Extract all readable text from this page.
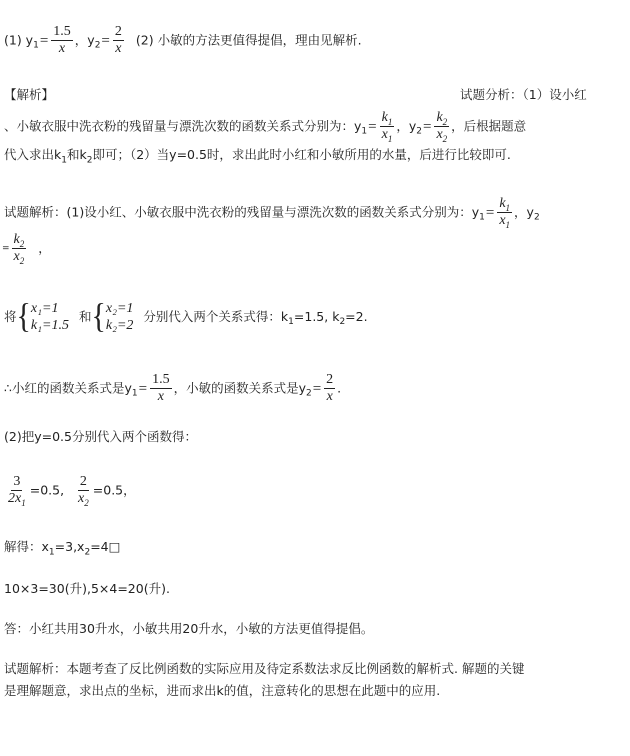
(1) $y_1= \frac{1.5}{x}$ ，$y_2= \frac{2}{x} (2)$ 小敏的方法更值得提倡，理由见解析.
【解析】	试题分析：（1）设小红
、小敏衣服中洗衣粉的残留量与漂洗次数的函数关系式分别为：$y_1= \frac{k_1}{x_1}$ ，$y_2= \frac{k_2}{x_2}$ ，后根据题意
代入求出$k_1$和$k_2$即可；（2）当y=0.5时，求出此时小红和小敏所用的水量，后进行比较即可.
试题解析：(1)设小红、小敏衣服中洗衣粉的残留量与漂洗次数的函数关系式分别为：$y_1= \frac{k_1}{x_1}$ ，$y_2$
= $\frac{k_2}{x_2}$ ，
将 { x₁=1
k₁=1.5
和 { x₂=1
k₂=2
分别代入两个关系式得：$k_1=1.5$, $k_2=2$.
∴小红的函数关系式是$y_1= \frac{1.5}{x}$ ，小敏的函数关系式是$y_2= \frac{2}{x}$ .
(2)把y=0.5分别代入两个函数得：
$\frac{3}{2x_1} =0.5$, $\frac{2}{x_2} =0.5$，
解得：$x_1=3,x_2=4□$
10×3=30(升),5×4=20(升).
答：小红共用30升水，小敏共用20升水，小敏的方法更值得提倡。
试题解析：本题考查了反比例函数的实际应用及待定系数法求反比例函数的解析式. 解题的关键
是理解题意，求出点的坐标，进而求出k的值，注意转化的思想在此题中的应用.
